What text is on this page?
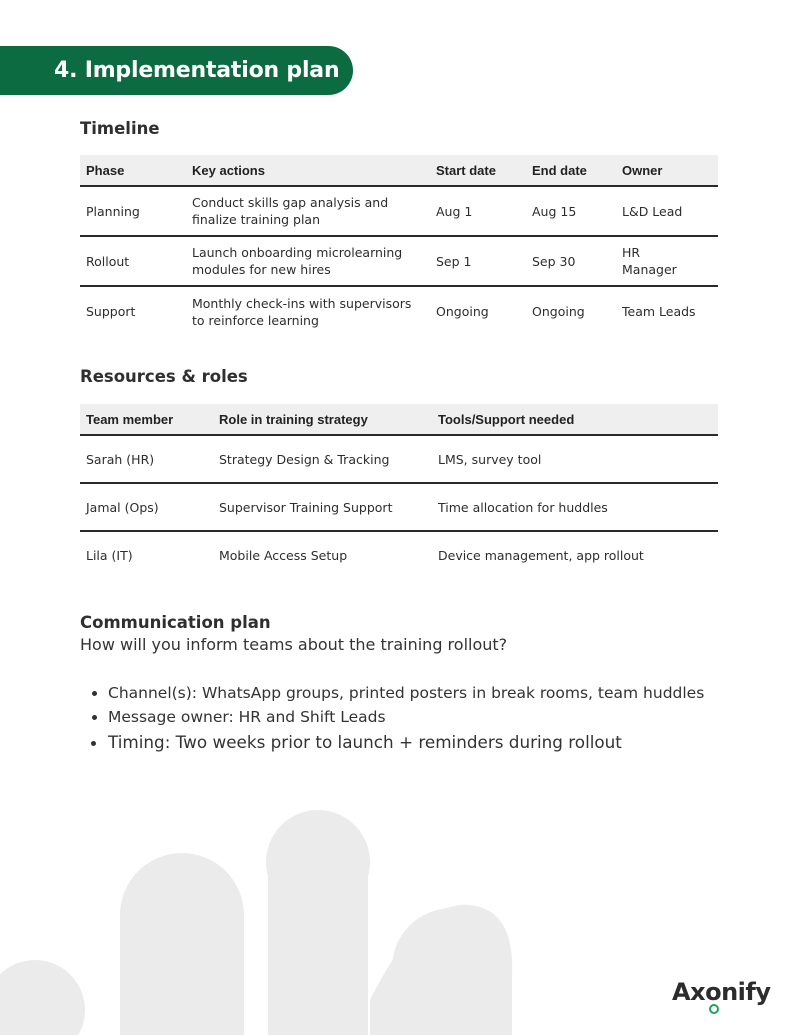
4. Implementation plan
Timeline
Phase	Key actions	Start date	End date	Owner
Planning	Conduct skills gap analysis and finalize training plan	Aug 1	Aug 15	L&D Lead
Rollout	Launch onboarding microlearning modules for new hires	Sep 1	Sep 30	HR Manager
Support	Monthly check-ins with supervisors to reinforce learning	Ongoing	Ongoing	Team Leads
Resources & roles
Team member	Role in training strategy	Tools/Support needed
Sarah (HR)	Strategy Design & Tracking	LMS, survey tool
Jamal (Ops)	Supervisor Training Support	Time allocation for huddles
Lila (IT)	Mobile Access Setup	Device management, app rollout
Communication plan

How will you inform teams about the training rollout?

• Channel(s): WhatsApp groups, printed posters in break rooms, team huddles
• Message owner: HR and Shift Leads
• Timing: Two weeks prior to launch + reminders during rollout
Ax o nify
